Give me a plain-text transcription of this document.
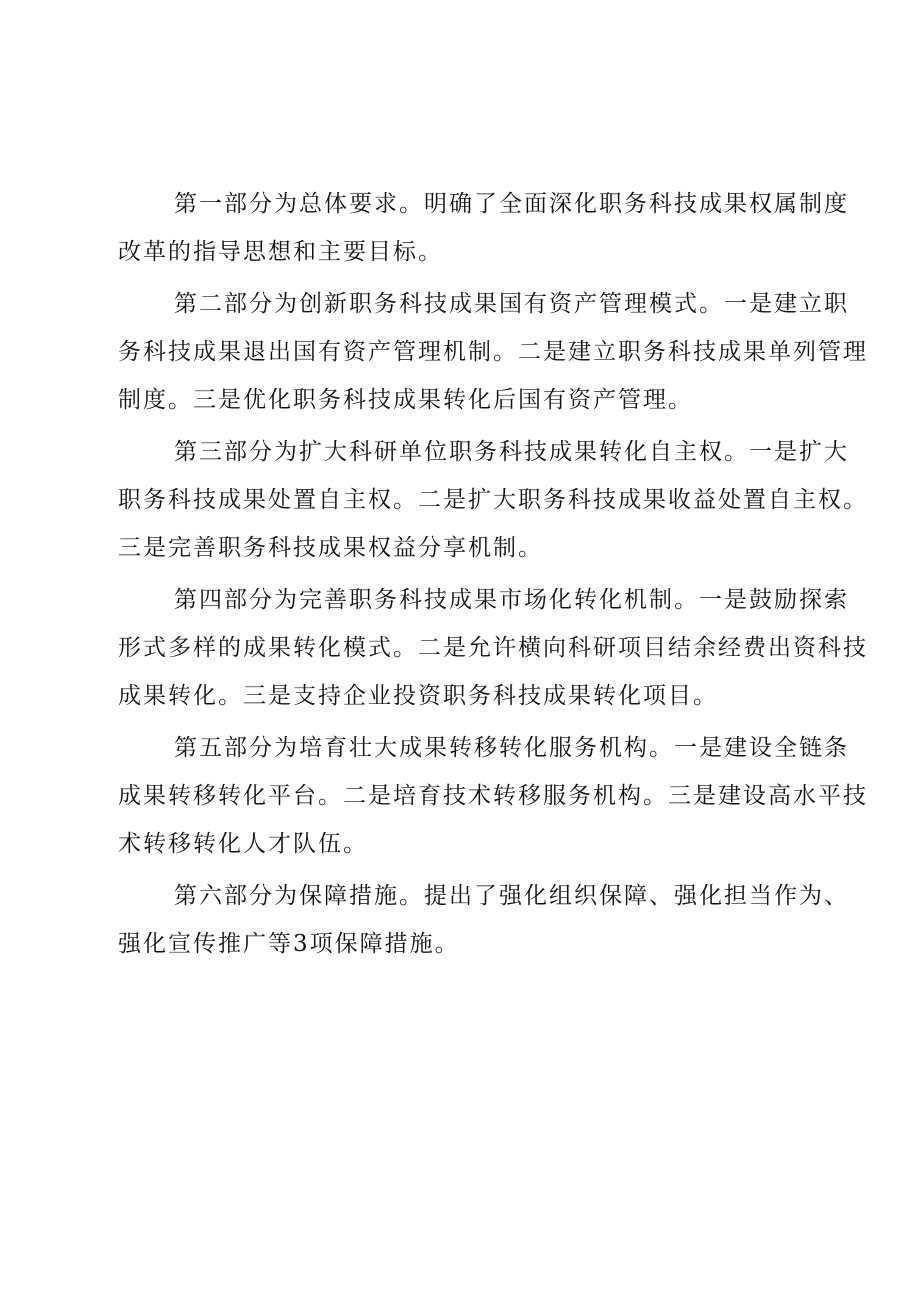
第一部分为总体要求。明确了全面深化职务科技成果权属制度
改革的指导思想和主要目标。

第二部分为创新职务科技成果国有资产管理模式。一是建立职
务科技成果退出国有资产管理机制。二是建立职务科技成果单列管理
制度。三是优化职务科技成果转化后国有资产管理。

第三部分为扩大科研单位职务科技成果转化自主权。一是扩大
职务科技成果处置自主权。二是扩大职务科技成果收益处置自主权。
三是完善职务科技成果权益分享机制。

第四部分为完善职务科技成果市场化转化机制。一是鼓励探索
形式多样的成果转化模式。二是允许横向科研项目结余经费出资科技
成果转化。三是支持企业投资职务科技成果转化项目。

第五部分为培育壮大成果转移转化服务机构。一是建设全链条
成果转移转化平台。二是培育技术转移服务机构。三是建设高水平技
术转移转化人才队伍。

第六部分为保障措施。提出了强化组织保障、强化担当作为、
强化宣传推广等3项保障措施。
